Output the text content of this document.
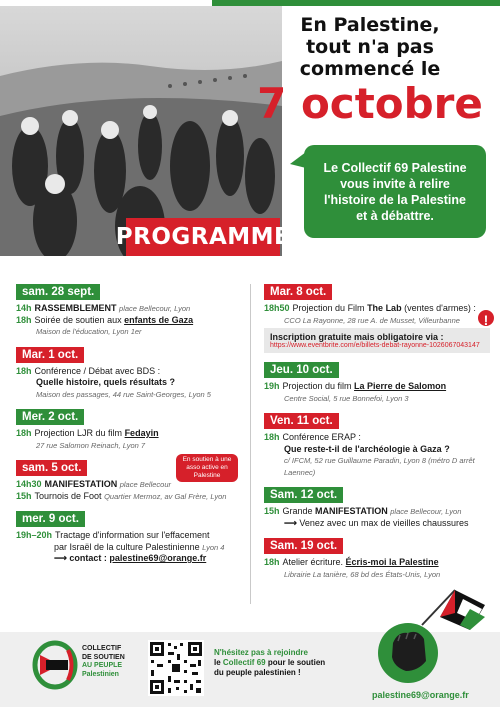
PROGRAMME
En Palestine,
tout n'a pas commencé le
7 octobre
Le Collectif 69 Palestine
vous invite à relire
l'histoire de la Palestine
et à débattre.
sam. 28 sept.
14h RASSEMBLEMENT place Bellecour, Lyon
18h Soirée de soutien aux enfants de Gaza
Maison de l'éducation, Lyon 1er
Mar. 1 oct.
18h Conférence / Débat avec BDS :
Quelle histoire, quels résultats ?
Maison des passages, 44 rue Saint-Georges, Lyon 5
Mer. 2 oct.
18h Projection LJR du film Fedayin
27 rue Salomon Reinach, Lyon 7
sam. 5 oct.
14h30 MANIFESTATION place Bellecour
15h Tournois de Foot Quartier Mermoz, av Gal Frère, Lyon
mer. 9 oct.
19h–20h Tractage d'information sur l'effacement
par Israël de la culture Palestinienne Lyon 4
⟶ contact : palestine69@orange.fr
En soutien à une asso active en Palestine
Mar. 8 oct.
18h50 Projection du Film The Lab (ventes d'armes) :
CCO La Rayonne, 28 rue A. de Musset, Villeurbanne	!
Inscription gratuite mais obligatoire via :
https://www.eventbrite.com/e/billets-debat-rayonne-1026067043147
Jeu. 10 oct.
19h Projection du film La Pierre de Salomon
Centre Social, 5 rue Bonnefoi, Lyon 3
Ven. 11 oct.
18h Conférence ERAP :
Que reste-t-il de l'archéologie à Gaza ?
c/ IFCM, 52 rue Guillaume Paradin, Lyon 8 (métro D arrêt Laennec)
Sam. 12 oct.
15h Grande MANIFESTATION place Bellecour, Lyon
⟶ Venez avec un max de vieilles chaussures
Sam. 19 oct.
18h Atelier écriture. Écris-moi la Palestine
Librairie La tanière, 68 bd des États-Unis, Lyon
COLLECTIF
DE SOUTIEN
AU PEUPLE
Palestinien
N'hésitez pas à rejoindre
le Collectif 69 pour le soutien
du peuple palestinien !
palestine69@orange.fr
